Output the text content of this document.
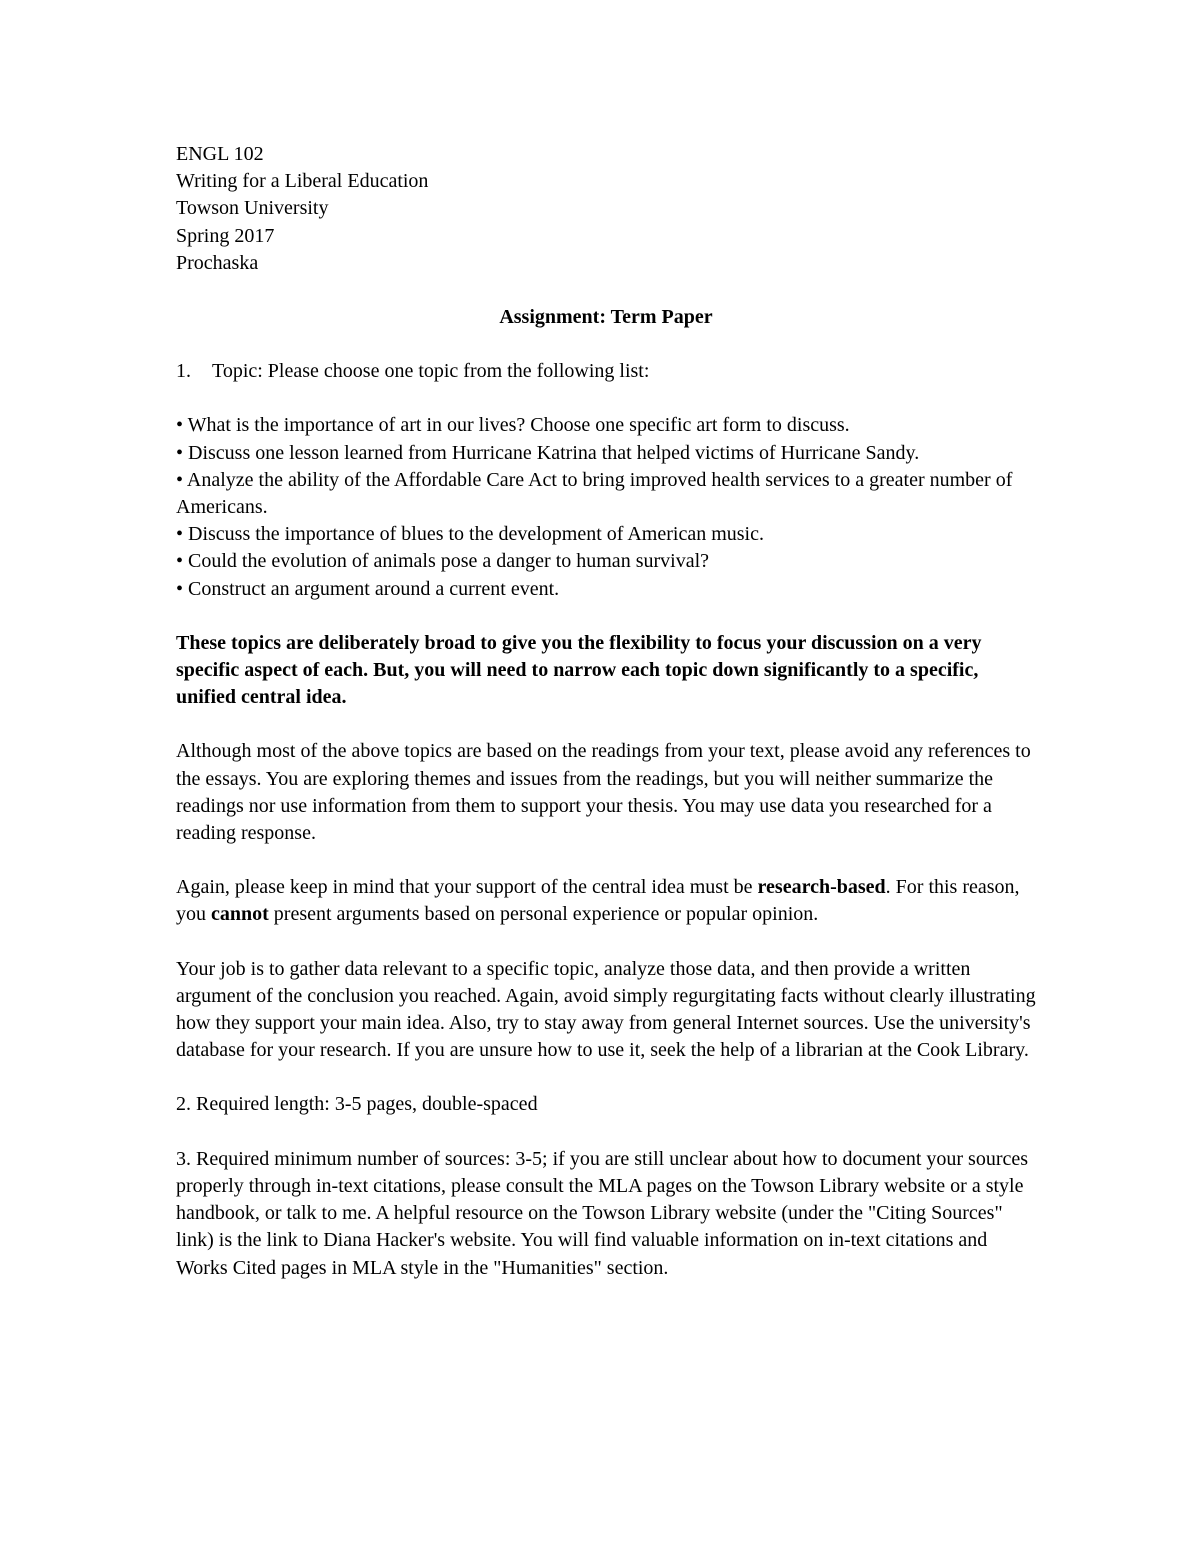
ENGL 102
Writing for a Liberal Education
Towson University
Spring 2017
Prochaska
Assignment: Term Paper
1. Topic: Please choose one topic from the following list:
• What is the importance of art in our lives? Choose one specific art form to discuss.
• Discuss one lesson learned from Hurricane Katrina that helped victims of Hurricane Sandy.
• Analyze the ability of the Affordable Care Act to bring improved health services to a greater number of Americans.
• Discuss the importance of blues to the development of American music.
• Could the evolution of animals pose a danger to human survival?
• Construct an argument around a current event.

These topics are deliberately broad to give you the flexibility to focus your discussion on a very specific aspect of each. But, you will need to narrow each topic down significantly to a specific, unified central idea.

Although most of the above topics are based on the readings from your text, please avoid any references to the essays. You are exploring themes and issues from the readings, but you will neither summarize the readings nor use information from them to support your thesis. You may use data you researched for a reading response.

Again, please keep in mind that your support of the central idea must be research-based. For this reason, you cannot present arguments based on personal experience or popular opinion.

Your job is to gather data relevant to a specific topic, analyze those data, and then provide a written argument of the conclusion you reached. Again, avoid simply regurgitating facts without clearly illustrating how they support your main idea. Also, try to stay away from general Internet sources. Use the university's database for your research. If you are unsure how to use it, seek the help of a librarian at the Cook Library.

2. Required length: 3-5 pages, double-spaced

3. Required minimum number of sources: 3-5; if you are still unclear about how to document your sources properly through in-text citations, please consult the MLA pages on the Towson Library website or a style handbook, or talk to me. A helpful resource on the Towson Library website (under the "Citing Sources" link) is the link to Diana Hacker's website. You will find valuable information on in-text citations and Works Cited pages in MLA style in the "Humanities" section.
